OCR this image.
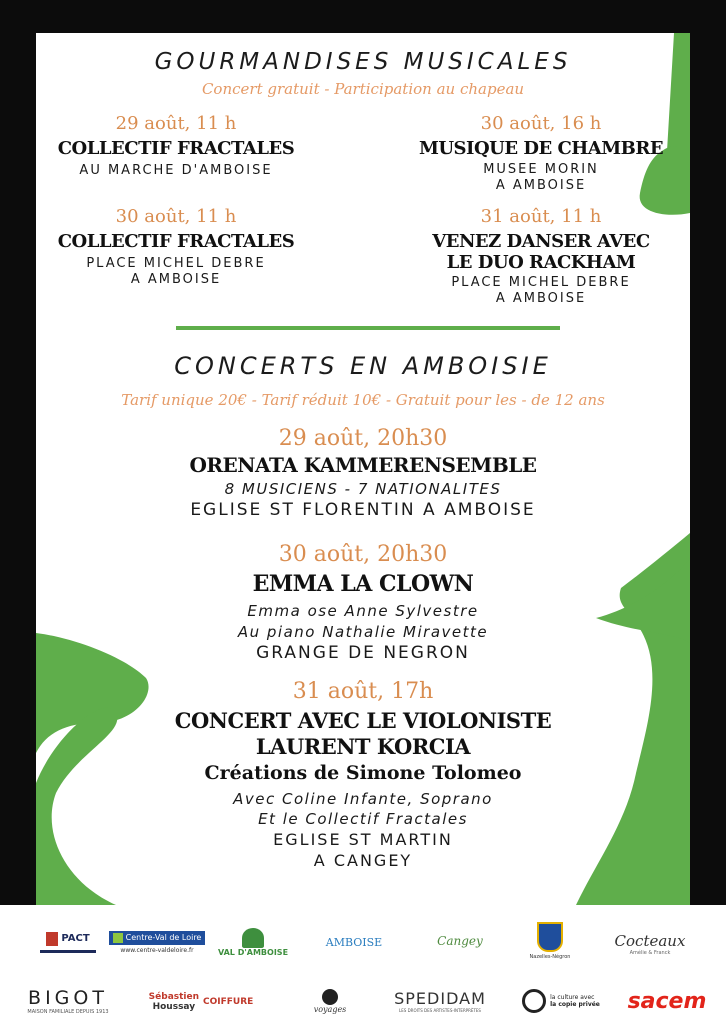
GOURMANDISES MUSICALES
Concert gratuit - Participation au chapeau
29 août, 11 h
COLLECTIF FRACTALES
AU MARCHE D'AMBOISE
30 août, 16 h
MUSIQUE DE CHAMBRE
MUSEE MORIN
A AMBOISE
30 août, 11 h
COLLECTIF FRACTALES
PLACE MICHEL DEBRE
A AMBOISE
31 août, 11 h
VENEZ DANSER AVEC
LE DUO RACKHAM
PLACE MICHEL DEBRE
A AMBOISE
CONCERTS EN AMBOISIE
Tarif unique 20€ - Tarif réduit 10€ - Gratuit pour les - de 12 ans
29 août, 20h30
ORENATA KAMMERENSEMBLE
8 MUSICIENS - 7 NATIONALITES
EGLISE ST FLORENTIN A AMBOISE
30 août, 20h30
EMMA LA CLOWN
Emma ose Anne Sylvestre
Au piano Nathalie Miravette
GRANGE DE NEGRON
31 août, 17h
CONCERT AVEC LE VIOLONISTE
LAURENT KORCIA
Créations de Simone Tolomeo
Avec Coline Infante, Soprano
Et le Collectif Fractales
EGLISE ST MARTIN
A CANGEY
PACT	Centre-Val de Loire
www.centre-valdeloire.fr	VAL D'AMBOISE
AMBOISE	Cangey
Nazelles-Négron
Cocteaux
Amélie & Franck
BIGOT
MAISON FAMILIALE DEPUIS 1913
Sébastien
Houssay COIFFURE
voyages
SPEDIDAM
LES DROITS DES ARTISTES-INTERPRÈTES
la culture avec
la copie privée sacem
